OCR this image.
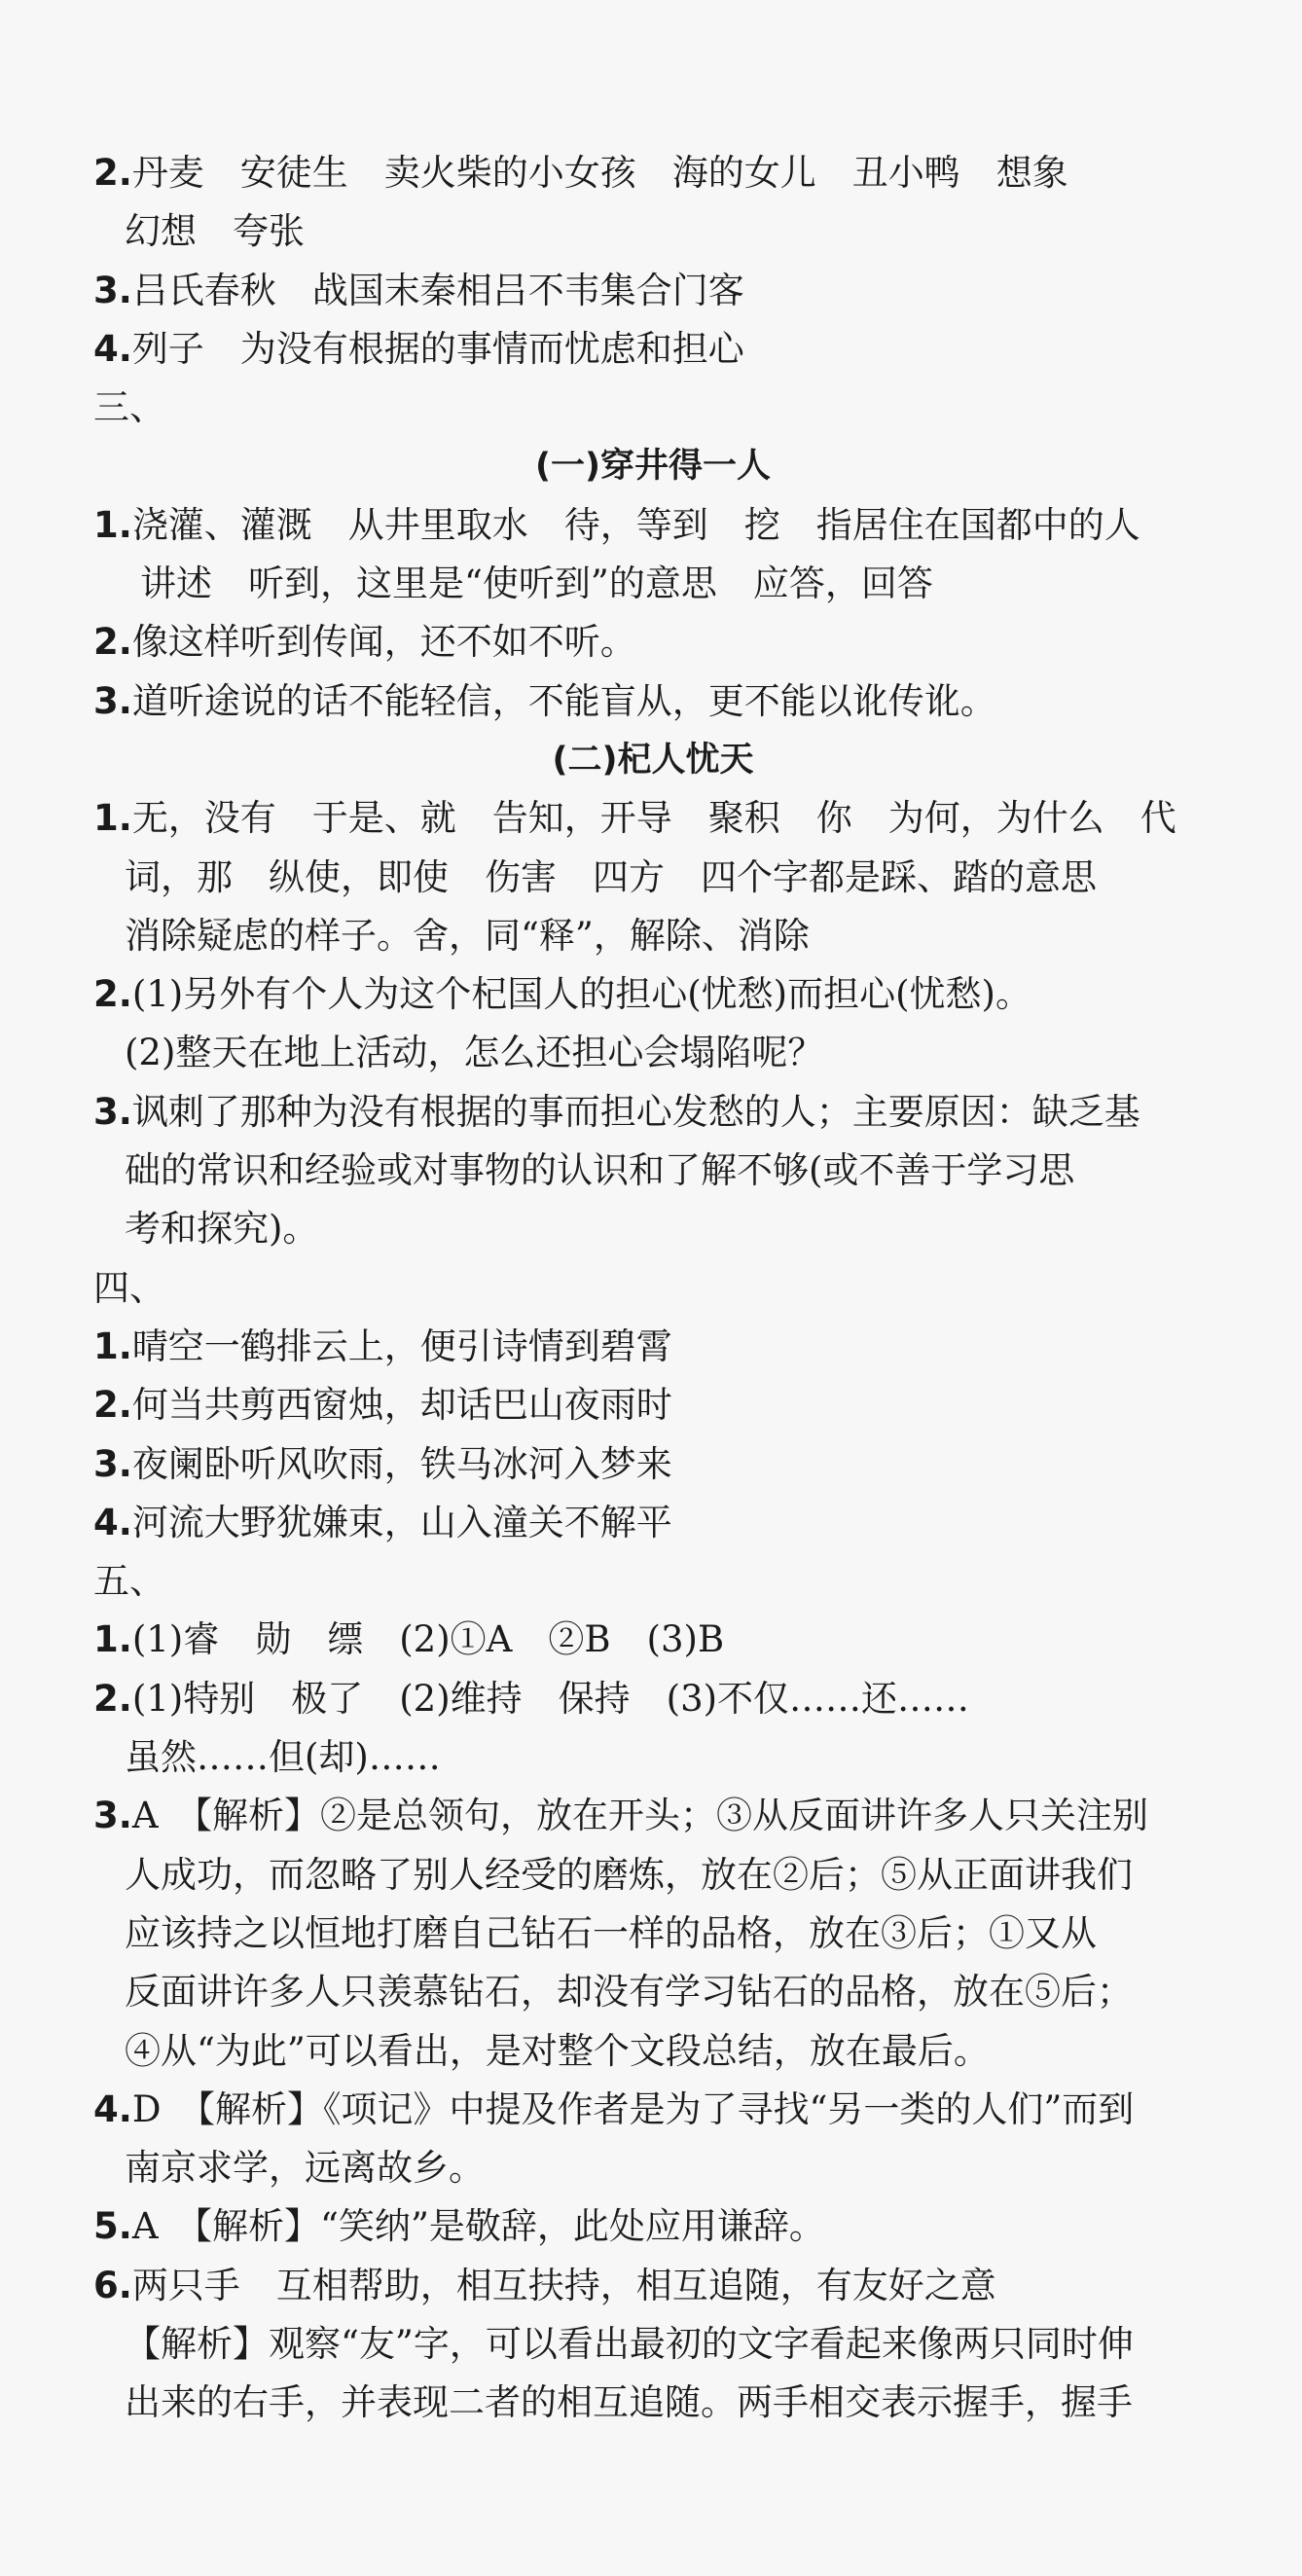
2.丹麦　安徒生　卖火柴的小女孩　海的女儿　丑小鸭　想象
幻想　夸张
3.吕氏春秋　战国末秦相吕不韦集合门客
4.列子　为没有根据的事情而忧虑和担心
三、
(一)穿井得一人
1.浇灌、灌溉　从井里取水　待，等到　挖　指居住在国都中的人
讲述　听到，这里是“使听到”的意思　应答，回答
2.像这样听到传闻，还不如不听。
3.道听途说的话不能轻信，不能盲从，更不能以讹传讹。
(二)杞人忧天
1.无，没有　于是、就　告知，开导　聚积　你　为何，为什么　代
词，那　纵使，即使　伤害　四方　四个字都是踩、踏的意思
消除疑虑的样子。舍，同“释”，解除、消除
2.(1)另外有个人为这个杞国人的担心(忧愁)而担心(忧愁)。
(2)整天在地上活动，怎么还担心会塌陷呢？
3.讽刺了那种为没有根据的事而担心发愁的人；主要原因：缺乏基
础的常识和经验或对事物的认识和了解不够(或不善于学习思
考和探究)。
四、
1.晴空一鹤排云上，便引诗情到碧霄
2.何当共剪西窗烛，却话巴山夜雨时
3.夜阑卧听风吹雨，铁马冰河入梦来
4.河流大野犹嫌束，山入潼关不解平
五、
1.(1)睿　勋　缥　(2)①A　②B　(3)B
2.(1)特别　极了　(2)维持　保持　(3)不仅……还……
虽然……但(却)……
3.A　【解析】②是总领句，放在开头；③从反面讲许多人只关注别
人成功，而忽略了别人经受的磨炼，放在②后；⑤从正面讲我们
应该持之以恒地打磨自己钻石一样的品格，放在③后；①又从
反面讲许多人只羡慕钻石，却没有学习钻石的品格，放在⑤后；
④从“为此”可以看出，是对整个文段总结，放在最后。
4.D　【解析】《项记》中提及作者是为了寻找“另一类的人们”而到
南京求学，远离故乡。
5.A　【解析】“笑纳”是敬辞，此处应用谦辞。
6.两只手　互相帮助，相互扶持，相互追随，有友好之意
【解析】观察“友”字，可以看出最初的文字看起来像两只同时伸
出来的右手，并表现二者的相互追随。两手相交表示握手，握手
